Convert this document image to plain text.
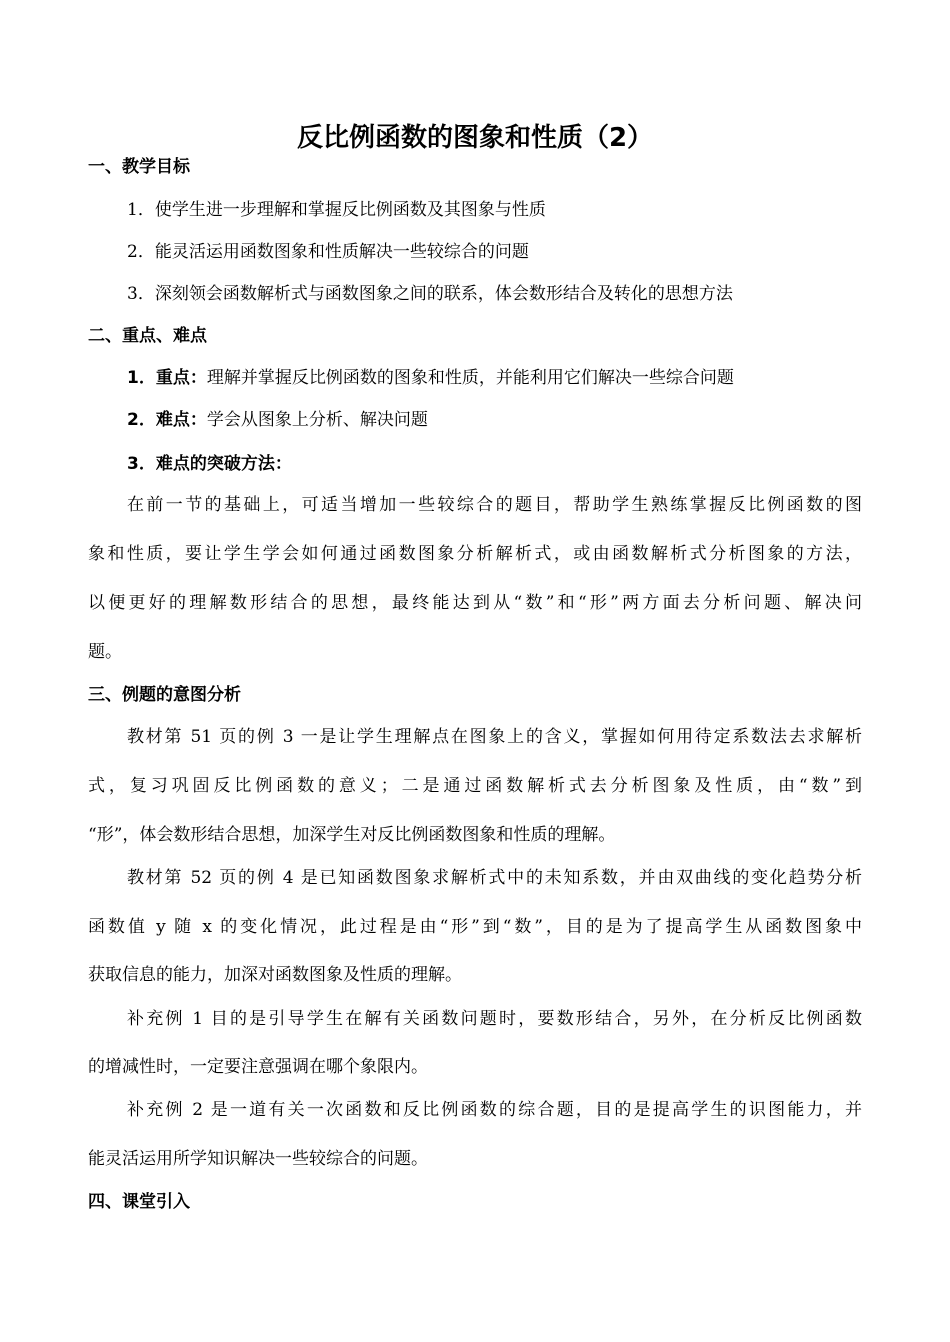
反比例函数的图象和性质（2）
一、教学目标
1．使学生进一步理解和掌握反比例函数及其图象与性质
2．能灵活运用函数图象和性质解决一些较综合的问题
3．深刻领会函数解析式与函数图象之间的联系，体会数形结合及转化的思想方法
二、重点、难点
1．重点：理解并掌握反比例函数的图象和性质，并能利用它们解决一些综合问题
2．难点：学会从图象上分析、解决问题
3．难点的突破方法：
在前一节的基础上，可适当增加一些较综合的题目，帮助学生熟练掌握反比例函数的图
象和性质，要让学生学会如何通过函数图象分析解析式，或由函数解析式分析图象的方法，
以便更好的理解数形结合的思想，最终能达到从“数”和“形”两方面去分析问题、解决问
题。
三、例题的意图分析
教材第 51 页的例 3 一是让学生理解点在图象上的含义，掌握如何用待定系数法去求解析
式，复习巩固反比例函数的意义；二是通过函数解析式去分析图象及性质，由“数”到
“形”，体会数形结合思想，加深学生对反比例函数图象和性质的理解。
教材第 52 页的例 4 是已知函数图象求解析式中的未知系数，并由双曲线的变化趋势分析
函数值 y 随 x 的变化情况，此过程是由“形”到“数”，目的是为了提高学生从函数图象中
获取信息的能力，加深对函数图象及性质的理解。
补充例 1 目的是引导学生在解有关函数问题时，要数形结合，另外，在分析反比例函数
的增减性时，一定要注意强调在哪个象限内。
补充例 2 是一道有关一次函数和反比例函数的综合题，目的是提高学生的识图能力，并
能灵活运用所学知识解决一些较综合的问题。
四、课堂引入
